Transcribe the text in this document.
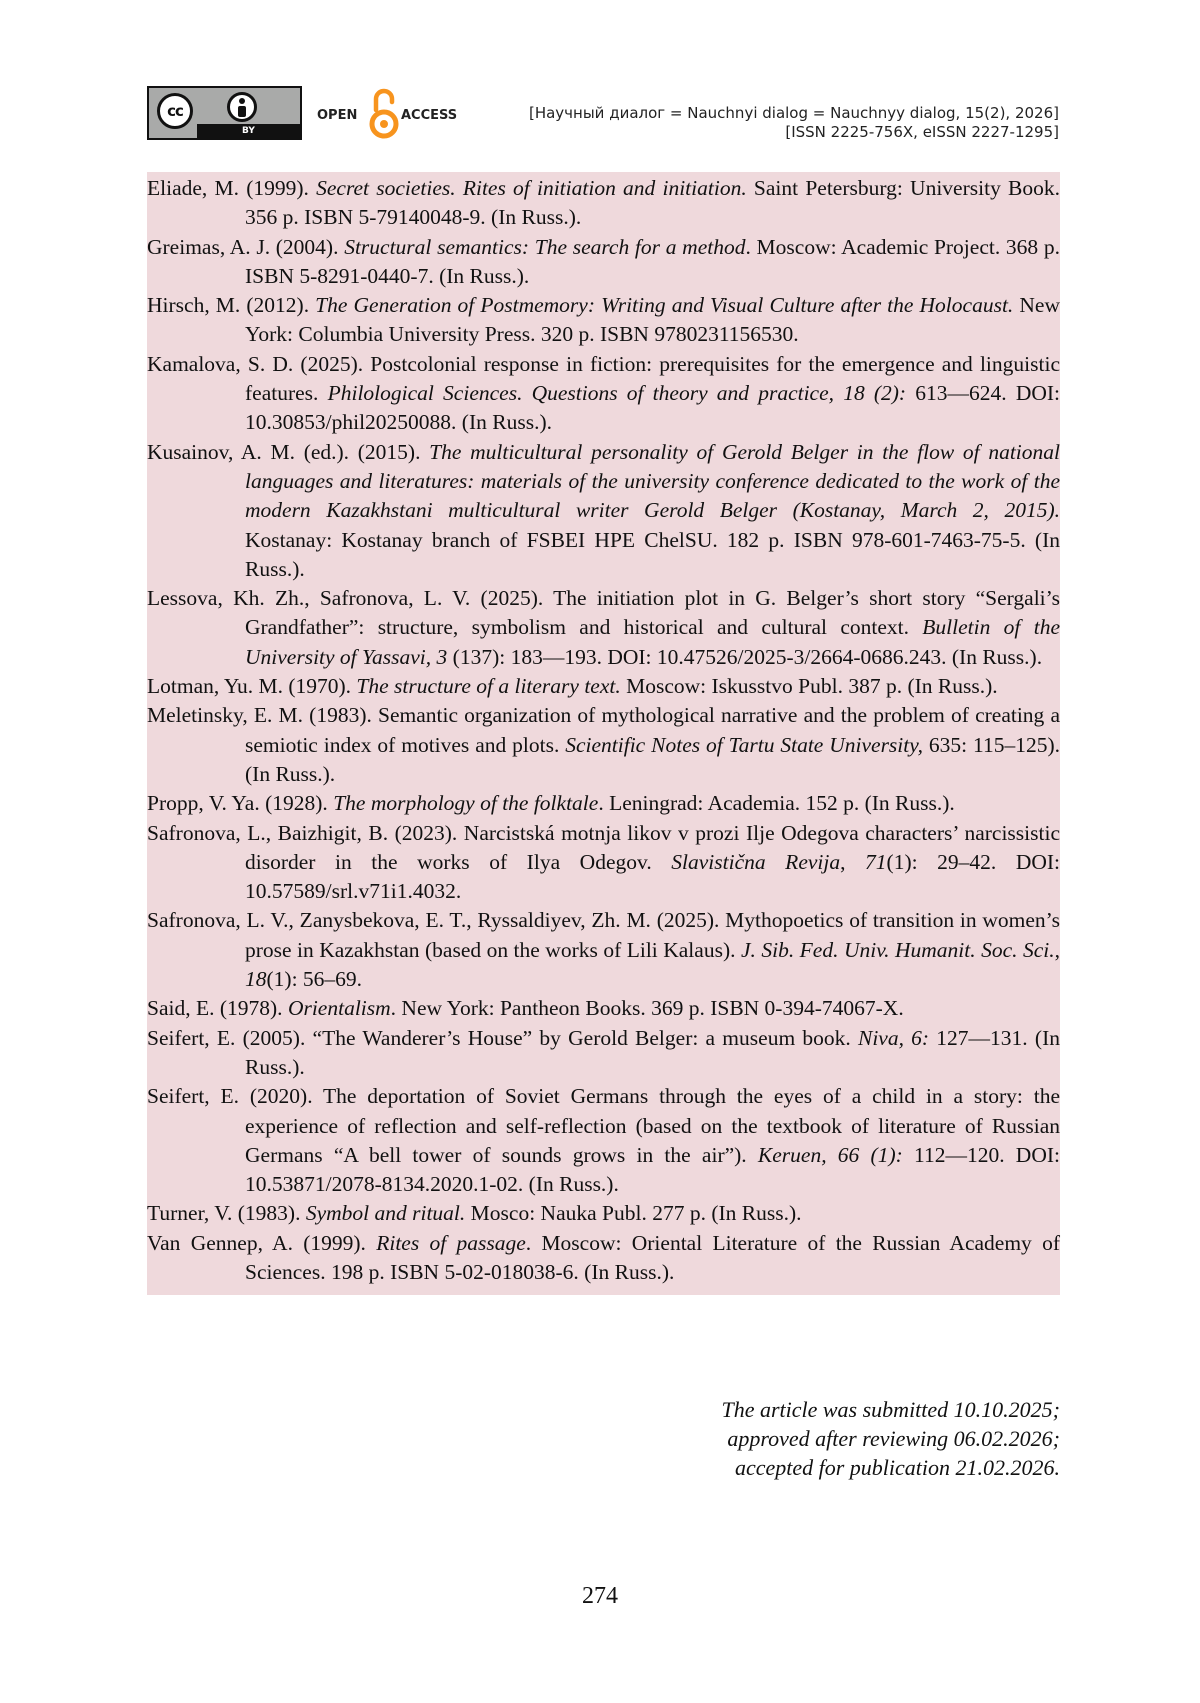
cc
BY
OPEN	ACCESS	[Научный диалог = Nauchnyi dialog = Nauchnyy dialog, 15(2), 2026]
[ISSN 2225-756X, eISSN 2227-1295]
Eliade, M. (1999). Secret societies. Rites of initiation and initiation. Saint Petersburg: University Book. 356 p. ISBN 5-79140048-9. (In Russ.).
Greimas, A. J. (2004). Structural semantics: The search for a method. Moscow: Academic Project. 368 p. ISBN 5-8291-0440-7. (In Russ.).
Hirsch, M. (2012). The Generation of Postmemory: Writing and Visual Culture after the Holocaust. New York: Columbia University Press. 320 p. ISBN 9780231156530.
Kamalova, S. D. (2025). Postcolonial response in fiction: prerequisites for the emergence and linguistic features. Philological Sciences. Questions of theory and practice, 18 (2): 613—624. DOI: 10.30853/phil20250088. (In Russ.).
Kusainov, A. M. (ed.). (2015). The multicultural personality of Gerold Belger in the flow of national languages and literatures: materials of the university conference dedicated to the work of the modern Kazakhstani multicultural writer Gerold Belger (Kostanay, March 2, 2015). Kostanay: Kostanay branch of FSBEI HPE ChelSU. 182 p. ISBN 978-601-7463-75-5. (In Russ.).
Lessova, Kh. Zh., Safronova, L. V. (2025). The initiation plot in G. Belger’s short story “Sergali’s Grandfather”: structure, symbolism and historical and cultural context. Bulletin of the University of Yassavi, 3 (137): 183—193. DOI: 10.47526/2025-3/2664-0686.243. (In Russ.).
Lotman, Yu. M. (1970). The structure of a literary text. Moscow: Iskusstvo Publ. 387 p. (In Russ.).
Meletinsky, E. M. (1983). Semantic organization of mythological narrative and the problem of creating a semiotic index of motives and plots. Scientific Notes of Tartu State University, 635: 115–125). (In Russ.).
Propp, V. Ya. (1928). The morphology of the folktale. Leningrad: Academia. 152 p. (In Russ.).
Safronova, L., Baizhigit, B. (2023). Narcistská motnja likov v prozi Ilje Odegova characters’ narcissistic disorder in the works of Ilya Odegov. Slavistična Revija, 71(1): 29–42. DOI: 10.57589/srl.v71i1.4032.
Safronova, L. V., Zanysbekova, E. T., Ryssaldiyev, Zh. M. (2025). Mythopoetics of transition in women’s prose in Kazakhstan (based on the works of Lili Kalaus). J. Sib. Fed. Univ. Humanit. Soc. Sci., 18(1): 56–69.
Said, E. (1978). Orientalism. New York: Pantheon Books. 369 p. ISBN 0-394-74067-X.
Seifert, E. (2005). “The Wanderer’s House” by Gerold Belger: a museum book. Niva, 6: 127—131. (In Russ.).
Seifert, E. (2020). The deportation of Soviet Germans through the eyes of a child in a story: the experience of reflection and self-reflection (based on the textbook of literature of Russian Germans “A bell tower of sounds grows in the air”). Keruen, 66 (1): 112—120. DOI: 10.53871/2078-8134.2020.1-02. (In Russ.).
Turner, V. (1983). Symbol and ritual. Mosco: Nauka Publ. 277 p. (In Russ.).
Van Gennep, A. (1999). Rites of passage. Moscow: Oriental Literature of the Russian Academy of Sciences. 198 p. ISBN 5-02-018038-6. (In Russ.).
The article was submitted 10.10.2025;
approved after reviewing 06.02.2026;
accepted for publication 21.02.2026.
274
